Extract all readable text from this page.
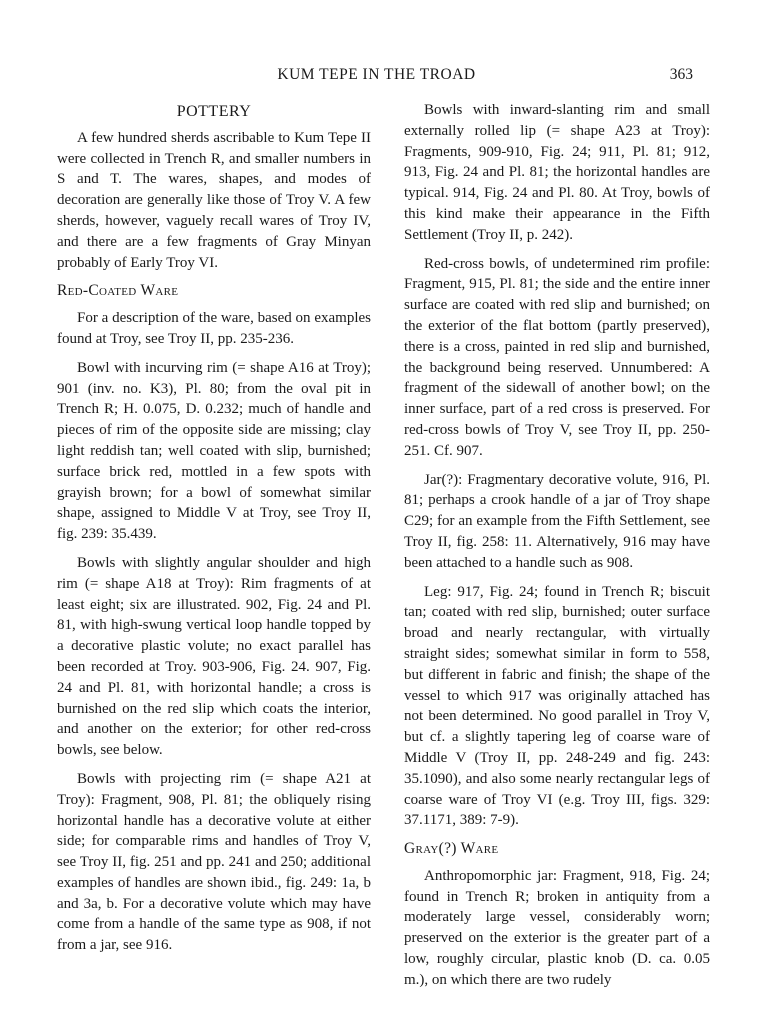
KUM TEPE IN THE TROAD	363
POTTERY

A few hundred sherds ascribable to Kum Tepe II were collected in Trench R, and smaller numbers in S and T. The wares, shapes, and modes of decoration are generally like those of Troy V. A few sherds, however, vaguely recall wares of Troy IV, and there are a few fragments of Gray Minyan probably of Early Troy VI.

Red-Coated Ware

For a description of the ware, based on examples found at Troy, see Troy II, pp. 235-236.

Bowl with incurving rim (= shape A16 at Troy); 901 (inv. no. K3), Pl. 80; from the oval pit in Trench R; H. 0.075, D. 0.232; much of handle and pieces of rim of the opposite side are missing; clay light reddish tan; well coated with slip, burnished; surface brick red, mottled in a few spots with grayish brown; for a bowl of somewhat similar shape, assigned to Middle V at Troy, see Troy II, fig. 239: 35.439.

Bowls with slightly angular shoulder and high rim (= shape A18 at Troy): Rim fragments of at least eight; six are illustrated. 902, Fig. 24 and Pl. 81, with high-swung vertical loop handle topped by a decorative plastic volute; no exact parallel has been recorded at Troy. 903-906, Fig. 24. 907, Fig. 24 and Pl. 81, with horizontal handle; a cross is burnished on the red slip which coats the interior, and another on the exterior; for other red-cross bowls, see below.

Bowls with projecting rim (= shape A21 at Troy): Fragment, 908, Pl. 81; the obliquely rising horizontal handle has a decorative volute at either side; for comparable rims and handles of Troy V, see Troy II, fig. 251 and pp. 241 and 250; additional examples of handles are shown ibid., fig. 249: 1a, b and 3a, b. For a decorative volute which may have come from a handle of the same type as 908, if not from a jar, see 916.

Bowls with inward-slanting rim and small externally rolled lip (= shape A23 at Troy): Fragments, 909-910, Fig. 24; 911, Pl. 81; 912, 913, Fig. 24 and Pl. 81; the horizontal handles are typical. 914, Fig. 24 and Pl. 80. At Troy, bowls of this kind make their appearance in the Fifth Settlement (Troy II, p. 242).

Red-cross bowls, of undetermined rim profile: Fragment, 915, Pl. 81; the side and the entire inner surface are coated with red slip and burnished; on the exterior of the flat bottom (partly preserved), there is a cross, painted in red slip and burnished, the background being reserved. Unnumbered: A fragment of the sidewall of another bowl; on the inner surface, part of a red cross is preserved. For red-cross bowls of Troy V, see Troy II, pp. 250-251. Cf. 907.

Jar(?): Fragmentary decorative volute, 916, Pl. 81; perhaps a crook handle of a jar of Troy shape C29; for an example from the Fifth Settlement, see Troy II, fig. 258: 11. Alternatively, 916 may have been attached to a handle such as 908.

Leg: 917, Fig. 24; found in Trench R; biscuit tan; coated with red slip, burnished; outer surface broad and nearly rectangular, with virtually straight sides; somewhat similar in form to 558, but different in fabric and finish; the shape of the vessel to which 917 was originally attached has not been determined. No good parallel in Troy V, but cf. a slightly tapering leg of coarse ware of Middle V (Troy II, pp. 248-249 and fig. 243: 35.1090), and also some nearly rectangular legs of coarse ware of Troy VI (e.g. Troy III, figs. 329: 37.1171, 389: 7-9).

Gray(?) Ware

Anthropomorphic jar: Fragment, 918, Fig. 24; found in Trench R; broken in antiquity from a moderately large vessel, considerably worn; preserved on the exterior is the greater part of a low, roughly circular, plastic knob (D. ca. 0.05 m.), on which there are two rudely
